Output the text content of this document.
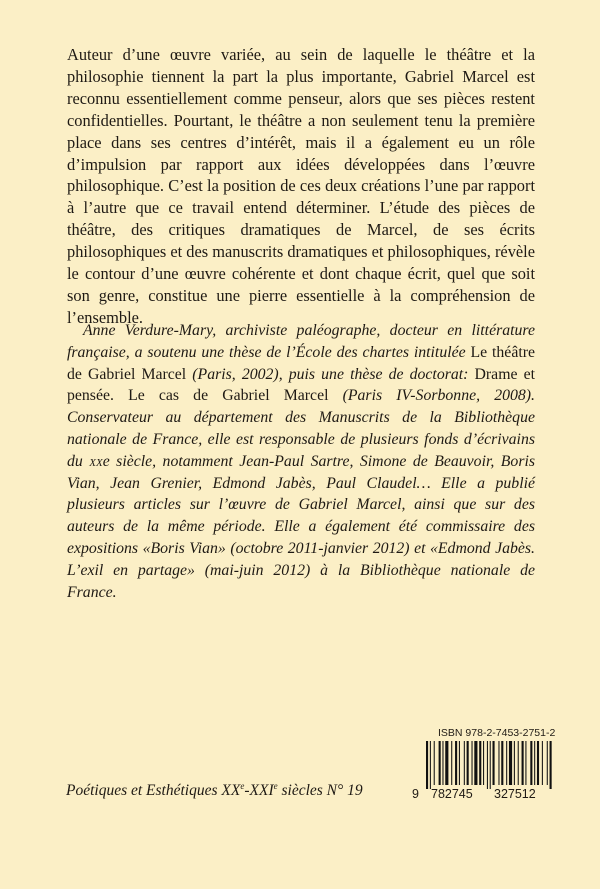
Auteur d’une œuvre variée, au sein de laquelle le théâtre et la philosophie tiennent la part la plus importante, Gabriel Marcel est reconnu essentiellement comme penseur, alors que ses pièces restent confidentielles. Pourtant, le théâtre a non seulement tenu la première place dans ses centres d’intérêt, mais il a également eu un rôle d’impulsion par rapport aux idées développées dans l’œuvre philosophique. C’est la position de ces deux créations l’une par rapport à l’autre que ce travail entend déterminer. L’étude des pièces de théâtre, des critiques dramatiques de Marcel, de ses écrits philosophiques et des manuscrits dramatiques et philosophiques, révèle le contour d’une œuvre cohérente et dont chaque écrit, quel que soit son genre, constitue une pierre essentielle à la compréhension de l’ensemble.

Anne Verdure-Mary, archiviste paléographe, docteur en littérature française, a soutenu une thèse de l’École des chartes intitulée Le théâtre de Gabriel Marcel (Paris, 2002), puis une thèse de doctorat: Drame et pensée. Le cas de Gabriel Marcel (Paris IV-Sorbonne, 2008). Conservateur au département des Manuscrits de la Bibliothèque nationale de France, elle est responsable de plusieurs fonds d’écrivains du xxe siècle, notamment Jean-Paul Sartre, Simone de Beauvoir, Boris Vian, Jean Grenier, Edmond Jabès, Paul Claudel… Elle a publié plusieurs articles sur l’œuvre de Gabriel Marcel, ainsi que sur des auteurs de la même période. Elle a également été commissaire des expositions «Boris Vian» (octobre 2011-janvier 2012) et «Edmond Jabès. L’exil en partage» (mai-juin 2012) à la Bibliothèque nationale de France.

Poétiques et Esthétiques XXe-XXIe siècles N° 19

ISBN 978-2-7453-2751-2
9 782745 327512
